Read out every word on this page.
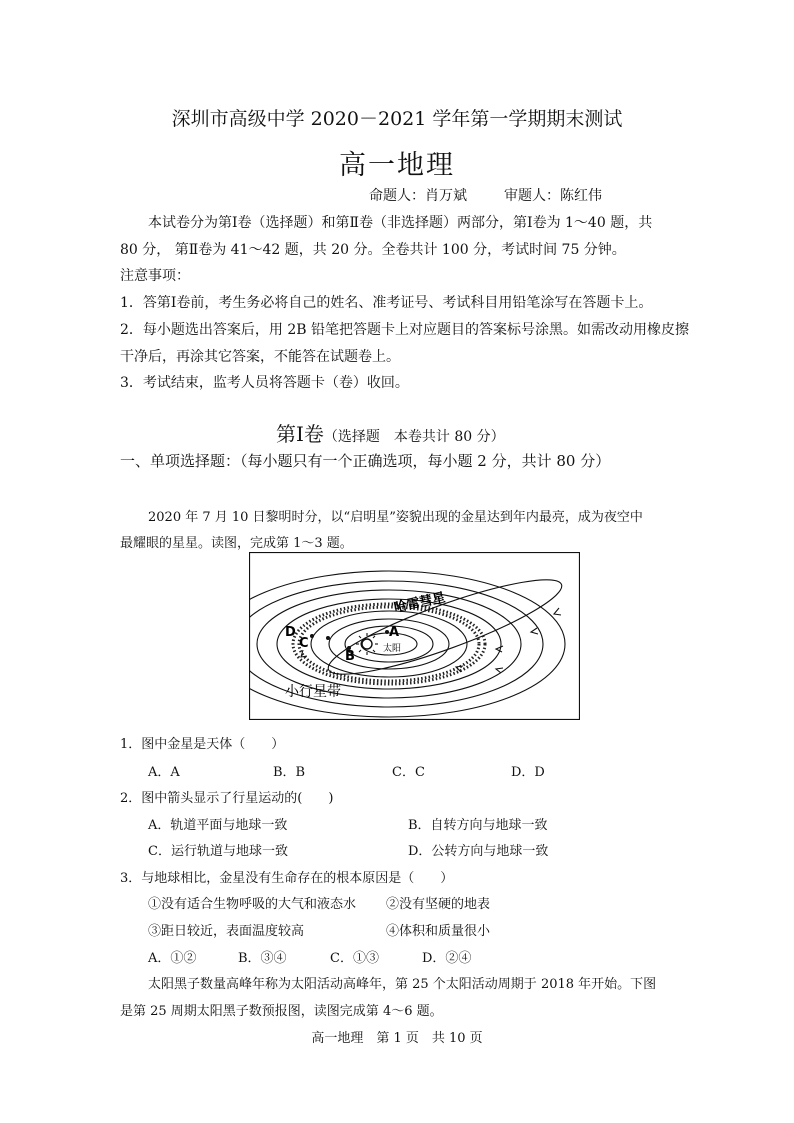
深圳市高级中学 2020－2021 学年第一学期期末测试
高一地理
命题人：肖万斌	审题人：陈红伟
本试卷分为第Ⅰ卷（选择题）和第Ⅱ卷（非选择题）两部分，第Ⅰ卷为 1～40 题，共
80 分， 第Ⅱ卷为 41～42 题，共 20 分。全卷共计 100 分，考试时间 75 分钟。
注意事项：
1．答第Ⅰ卷前，考生务必将自己的姓名、准考证号、考试科目用铅笔涂写在答题卡上。
2．每小题选出答案后，用 2B 铅笔把答题卡上对应题目的答案标号涂黑。如需改动用橡皮擦
干净后，再涂其它答案，不能答在试题卷上。
3．考试结束，监考人员将答题卡（卷）收回。
第Ⅰ卷（选择题　本卷共计 80 分）
一、单项选择题：（每小题只有一个正确选项，每小题 2 分，共计 80 分）
2020 年 7 月 10 日黎明时分，以“启明星”姿貌出现的金星达到年内最亮，成为夜空中
最耀眼的星星。读图，完成第 1～3 题。
A
B
C
D
太阳
哈雷彗星
小行星带
1．图中金星是天体（　　）
A．A	B．B	C．C	D．D
2．图中箭头显示了行星运动的(　　)
A．轨道平面与地球一致	B．自转方向与地球一致
C．运行轨道与地球一致	D．公转方向与地球一致
3．与地球相比，金星没有生命存在的根本原因是（　　）
①没有适合生物呼吸的大气和液态水 ②没有坚硬的地表
③距日较近，表面温度较高	④体积和质量很小
A．①②	B．③④	C．①③	D．②④
太阳黑子数量高峰年称为太阳活动高峰年，第 25 个太阳活动周期于 2018 年开始。下图
是第 25 周期太阳黑子数预报图，读图完成第 4～6 题。
高一地理　第 1 页　共 10 页
